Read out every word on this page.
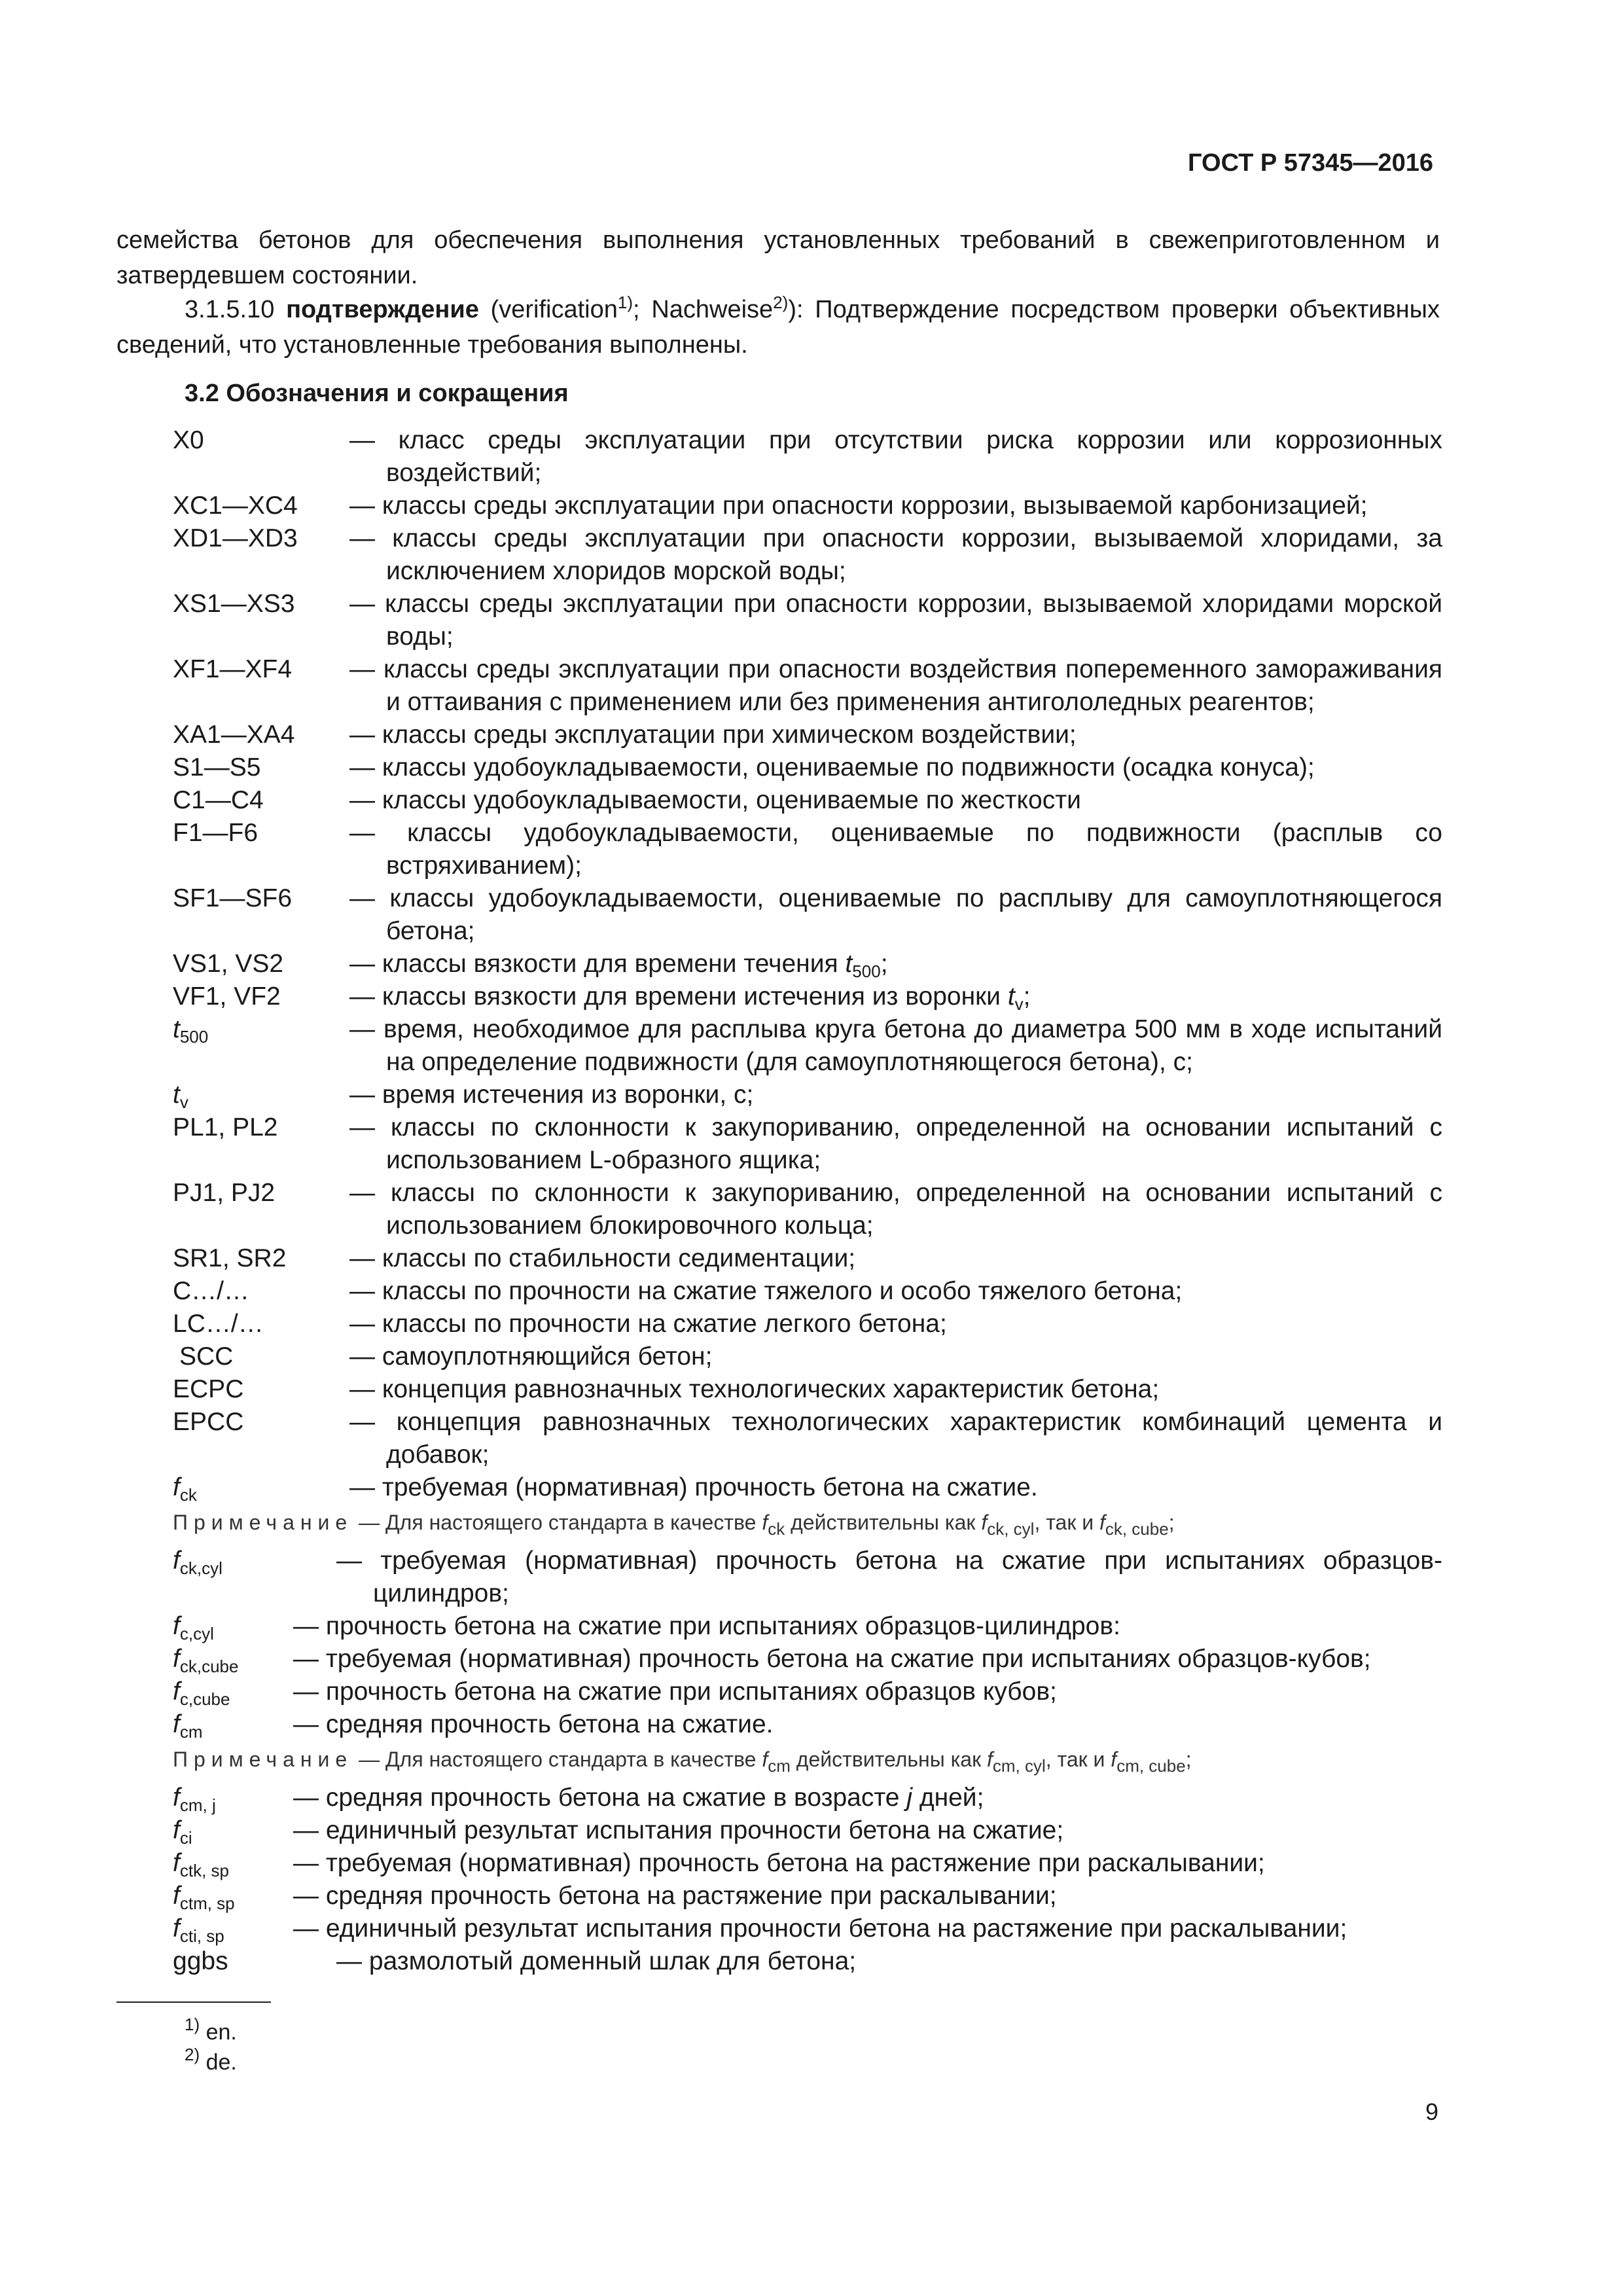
ГОСТ Р 57345—2016
семейства бетонов для обеспечения выполнения установленных требований в свежеприготовленном и затвердевшем состоянии.
3.1.5.10 подтверждение (verification$^{1)}$; Nachweise$^{2)}$): Подтверждение посредством проверки объективных сведений, что установленные требования выполнены.
3.2 Обозначения и сокращения
X0	— класс среды эксплуатации при отсутствии риска коррозии или коррозионных воздействий;
XC1—XC4	— классы среды эксплуатации при опасности коррозии, вызываемой карбонизацией;
XD1—XD3	— классы среды эксплуатации при опасности коррозии, вызываемой хлоридами, за исключением хлоридов морской воды;
XS1—XS3	— классы среды эксплуатации при опасности коррозии, вызываемой хлоридами морской воды;
XF1—XF4	— классы среды эксплуатации при опасности воздействия попеременного замораживания и оттаивания с применением или без применения антигололедных реагентов;
XA1—XA4	— классы среды эксплуатации при химическом воздействии;
S1—S5	— классы удобоукладываемости, оцениваемые по подвижности (осадка конуса);
C1—C4	— классы удобоукладываемости, оцениваемые по жесткости
F1—F6	— классы удобоукладываемости, оцениваемые по подвижности (расплыв со встряхиванием);
SF1—SF6	— классы удобоукладываемости, оцениваемые по расплыву для самоуплотняющегося бетона;
VS1, VS2	— классы вязкости для времени течения $t_{500}$;
VF1, VF2	— классы вязкости для времени истечения из воронки $t_v$;
$t_{500}$	— время, необходимое для расплыва круга бетона до диаметра 500 мм в ходе испытаний на определение подвижности (для самоуплотняющегося бетона), с;
$t_v$	— время истечения из воронки, с;
PL1, PL2	— классы по склонности к закупориванию, определенной на основании испытаний с использованием L-образного ящика;
PJ1, PJ2	— классы по склонности к закупориванию, определенной на основании испытаний с использованием блокировочного кольца;
SR1, SR2	— классы по стабильности седиментации;
C…/…	— классы по прочности на сжатие тяжелого и особо тяжелого бетона;
LC…/…	— классы по прочности на сжатие легкого бетона;
SCC	— самоуплотняющийся бетон;
ECPC	— концепция равнозначных технологических характеристик бетона;
EPCC	— концепция равнозначных технологических характеристик комбинаций цемента и добавок;
$f_{ck}$	— требуемая (нормативная) прочность бетона на сжатие.
Примечание — Для настоящего стандарта в качестве $f_{ck}$ действительны как $f_{ck, cyl}$, так и $f_{ck, cube}$;
$f_{ck,cyl}$	— требуемая (нормативная) прочность бетона на сжатие при испытаниях образцов-цилиндров;
$f_{c,cyl}$	— прочность бетона на сжатие при испытаниях образцов-цилиндров:
$f_{ck,cube}$	— требуемая (нормативная) прочность бетона на сжатие при испытаниях образцов-кубов;
$f_{c,cube}$	— прочность бетона на сжатие при испытаниях образцов кубов;
$f_{cm}$	— средняя прочность бетона на сжатие.
Примечание — Для настоящего стандарта в качестве $f_{cm}$ действительны как $f_{cm, cyl}$, так и $f_{cm, cube}$;
$f_{cm, j}$	— средняя прочность бетона на сжатие в возрасте j дней;
$f_{ci}$	— единичный результат испытания прочности бетона на сжатие;
$f_{ctk, sp}$	— требуемая (нормативная) прочность бетона на растяжение при раскалывании;
$f_{ctm, sp}$	— средняя прочность бетона на растяжение при раскалывании;
$f_{cti, sp}$	— единичный результат испытания прочности бетона на растяжение при раскалывании;
ggbs	— размолотый доменный шлак для бетона;
$^{1)}$ en.
$^{2)}$ de.
9
